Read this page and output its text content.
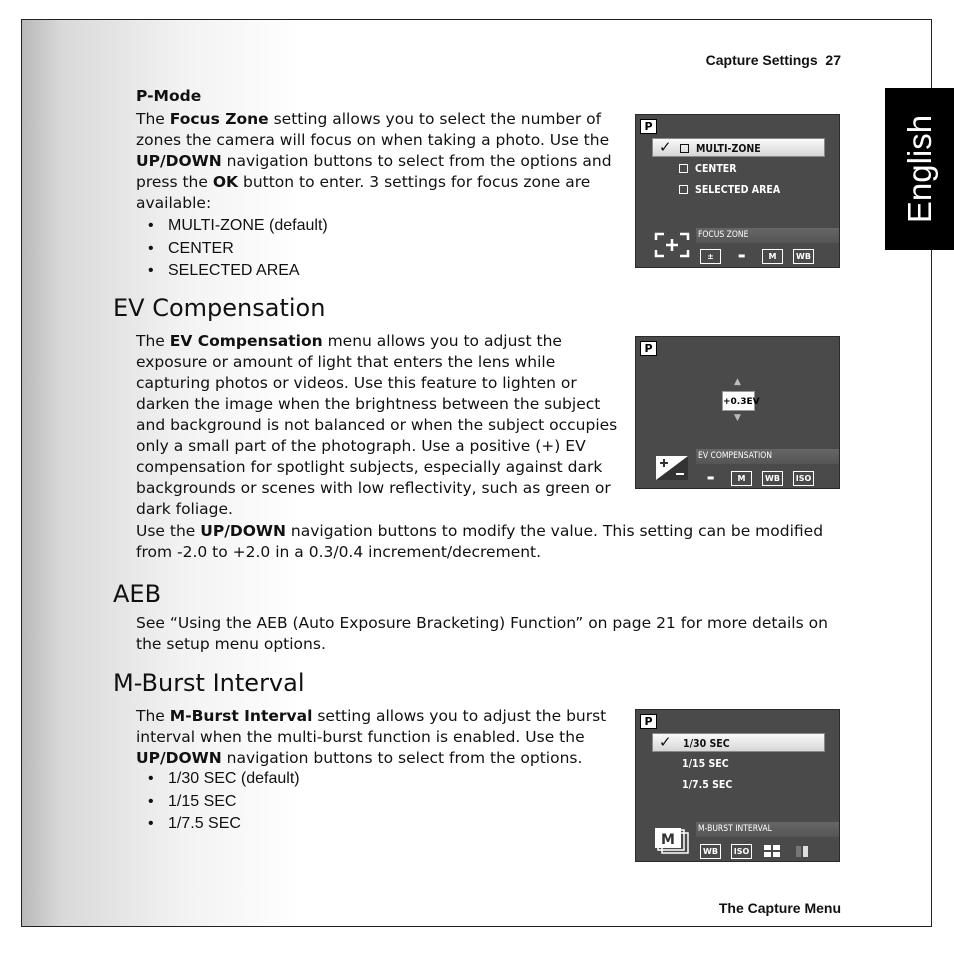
Capture Settings 27
English
P-Mode

The Focus Zone setting allows you to select the number of zones the camera will focus on when taking a photo. Use the UP/DOWN navigation buttons to select from the options and press the OK button to enter. 3 settings for focus zone are available:

• MULTI-ZONE (default)
• CENTER
• SELECTED AREA
P
✓ MULTI-ZONE
CENTER
SELECTED AREA
FOCUS ZONE
±	▬	M	WB
EV Compensation

The EV Compensation menu allows you to adjust the exposure or amount of light that enters the lens while capturing photos or videos. Use this feature to lighten or darken the image when the brightness between the subject and background is not balanced or when the subject occupies only a small part of the photograph. Use a positive (+) EV compensation for spotlight subjects, especially against dark backgrounds or scenes with low reflectivity, such as green or dark foliage.

Use the UP/DOWN navigation buttons to modify the value. This setting can be modified from -2.0 to +2.0 in a 0.3/0.4 increment/decrement.

P
▲
+0.3EV
▼
EV COMPENSATION
▬	M	WB	ISO
AEB

See “Using the AEB (Auto Exposure Bracketing) Function” on page 21 for more details on the setup menu options.

M-Burst Interval

The M-Burst Interval setting allows you to adjust the burst interval when the multi-burst function is enabled. Use the UP/DOWN navigation buttons to select from the options.

• 1/30 SEC (default)
• 1/15 SEC
• 1/7.5 SEC
P
✓ 1/30 SEC
1/15 SEC
1/7.5 SEC
M-BURST INTERVAL
M
WB	ISO
The Capture Menu
